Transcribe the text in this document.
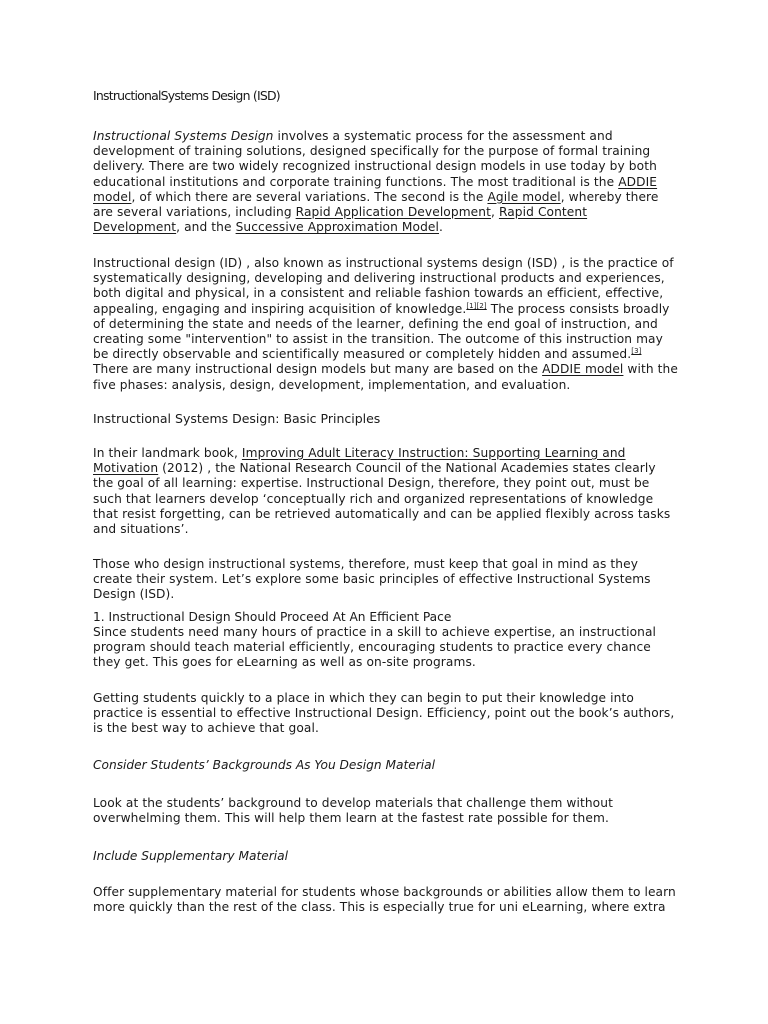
InstructionalSystems Design (ISD)

Instructional Systems Design involves a systematic process for the assessment and development of training solutions, designed specifically for the purpose of formal training delivery. There are two widely recognized instructional design models in use today by both educational institutions and corporate training functions. The most traditional is the ADDIE model, of which there are several variations. The second is the Agile model, whereby there are several variations, including Rapid Application Development, Rapid Content Development, and the Successive Approximation Model.

Instructional design (ID) , also known as instructional systems design (ISD) , is the practice of systematically designing, developing and delivering instructional products and experiences, both digital and physical, in a consistent and reliable fashion towards an efficient, effective, appealing, engaging and inspiring acquisition of knowledge.[1][2] The process consists broadly of determining the state and needs of the learner, defining the end goal of instruction, and creating some "intervention" to assist in the transition. The outcome of this instruction may be directly observable and scientifically measured or completely hidden and assumed.[3] There are many instructional design models but many are based on the ADDIE model with the five phases: analysis, design, development, implementation, and evaluation.

Instructional Systems Design: Basic Principles

In their landmark book, Improving Adult Literacy Instruction: Supporting Learning and Motivation (2012) , the National Research Council of the National Academies states clearly the goal of all learning: expertise. Instructional Design, therefore, they point out, must be such that learners develop ‘conceptually rich and organized representations of knowledge that resist forgetting, can be retrieved automatically and can be applied flexibly across tasks and situations’.

Those who design instructional systems, therefore, must keep that goal in mind as they create their system. Let’s explore some basic principles of effective Instructional Systems Design (ISD).

1. Instructional Design Should Proceed At An Efficient Pace

Since students need many hours of practice in a skill to achieve expertise, an instructional program should teach material efficiently, encouraging students to practice every chance they get. This goes for eLearning as well as on-site programs.

Getting students quickly to a place in which they can begin to put their knowledge into practice is essential to effective Instructional Design. Efficiency, point out the book’s authors, is the best way to achieve that goal.

Consider Students’ Backgrounds As You Design Material

Look at the students’ background to develop materials that challenge them without overwhelming them. This will help them learn at the fastest rate possible for them.

Include Supplementary Material

Offer supplementary material for students whose backgrounds or abilities allow them to learn more quickly than the rest of the class. This is especially true for uni eLearning, where extra
